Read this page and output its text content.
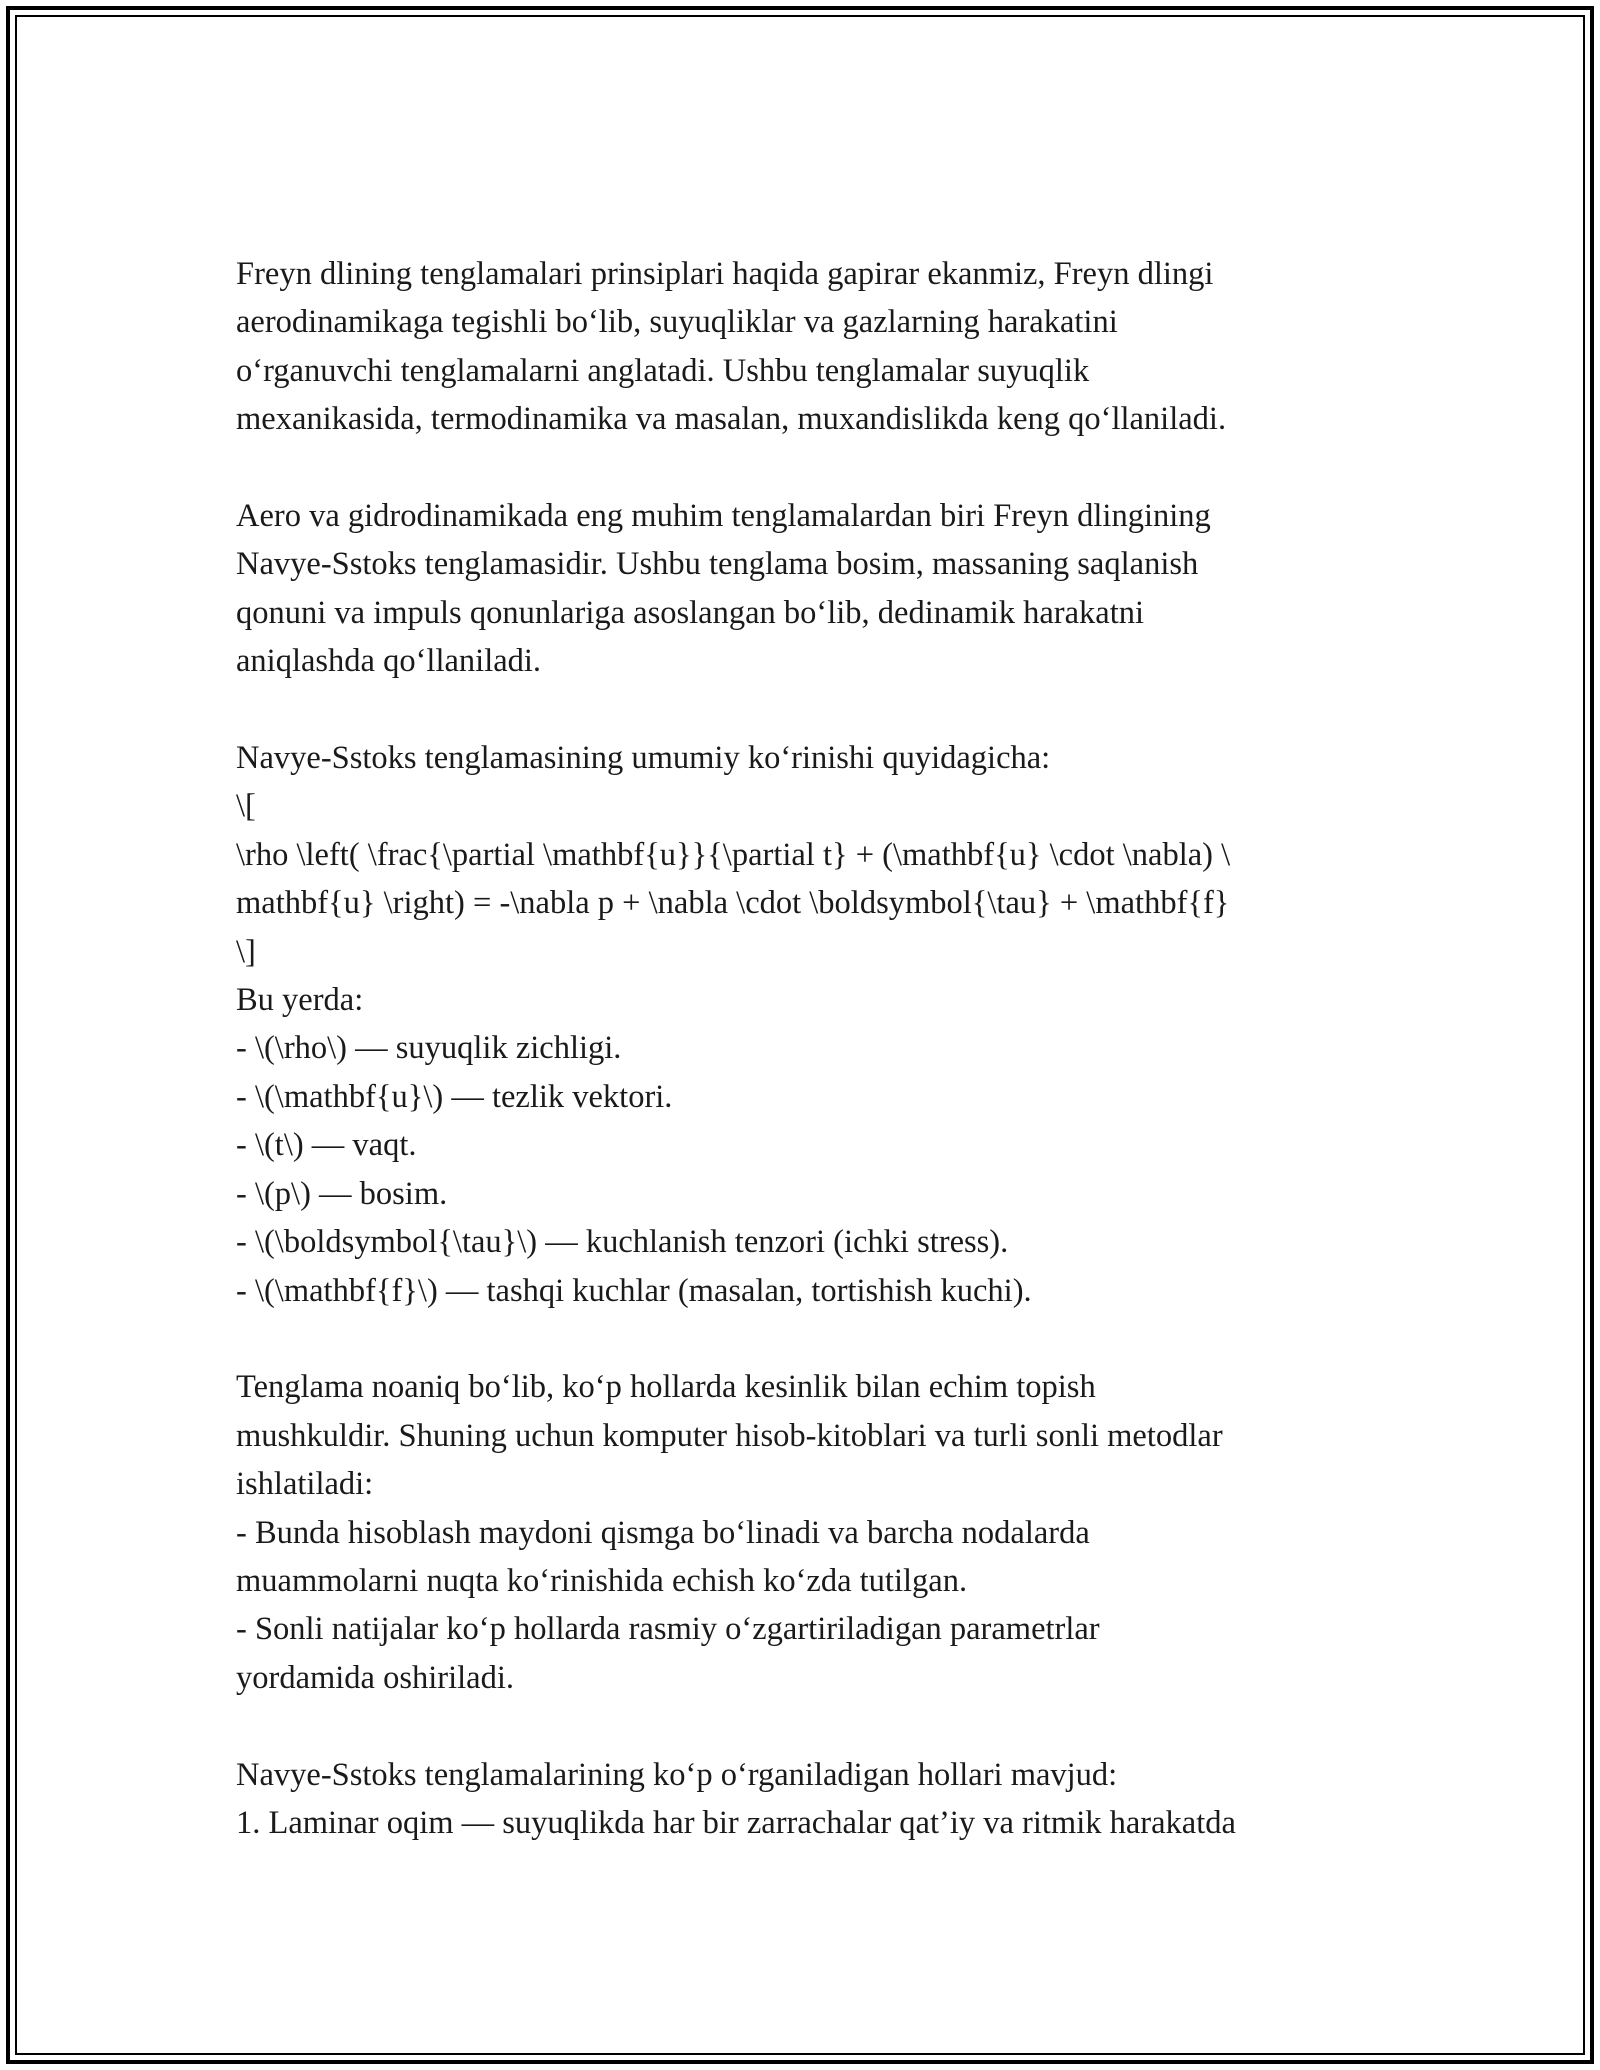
Freyn dlining tenglamalari prinsiplari haqida gapirar ekanmiz, Freyn dlingi
aerodinamikaga tegishli bo‘lib, suyuqliklar va gazlarning harakatini
o‘rganuvchi tenglamalarni anglatadi. Ushbu tenglamalar suyuqlik
mexanikasida, termodinamika va masalan, muxandislikda keng qo‘llaniladi.

Aero va gidrodinamikada eng muhim tenglamalardan biri Freyn dlingining
Navye-Sstoks tenglamasidir. Ushbu tenglama bosim, massaning saqlanish
qonuni va impuls qonunlariga asoslangan bo‘lib, dedinamik harakatni
aniqlashda qo‘llaniladi.

Navye-Sstoks tenglamasining umumiy ko‘rinishi quyidagicha:
\[
\rho \left( \frac{\partial \mathbf{u}}{\partial t} + (\mathbf{u} \cdot \nabla) \
mathbf{u} \right) = -\nabla p + \nabla \cdot \boldsymbol{\tau} + \mathbf{f}
\]
Bu yerda:
- \(\rho\) — suyuqlik zichligi.
- \(\mathbf{u}\) — tezlik vektori.
- \(t\) — vaqt.
- \(p\) — bosim.
- \(\boldsymbol{\tau}\) — kuchlanish tenzori (ichki stress).
- \(\mathbf{f}\) — tashqi kuchlar (masalan, tortishish kuchi).

Tenglama noaniq bo‘lib, ko‘p hollarda kesinlik bilan echim topish
mushkuldir. Shuning uchun komputer hisob-kitoblari va turli sonli metodlar
ishlatiladi:
- Bunda hisoblash maydoni qismga bo‘linadi va barcha nodalarda
muammolarni nuqta ko‘rinishida echish ko‘zda tutilgan.
- Sonli natijalar ko‘p hollarda rasmiy o‘zgartiriladigan parametrlar
yordamida oshiriladi.

Navye-Sstoks tenglamalarining ko‘p o‘rganiladigan hollari mavjud:
1. Laminar oqim — suyuqlikda har bir zarrachalar qat’iy va ritmik harakatda
